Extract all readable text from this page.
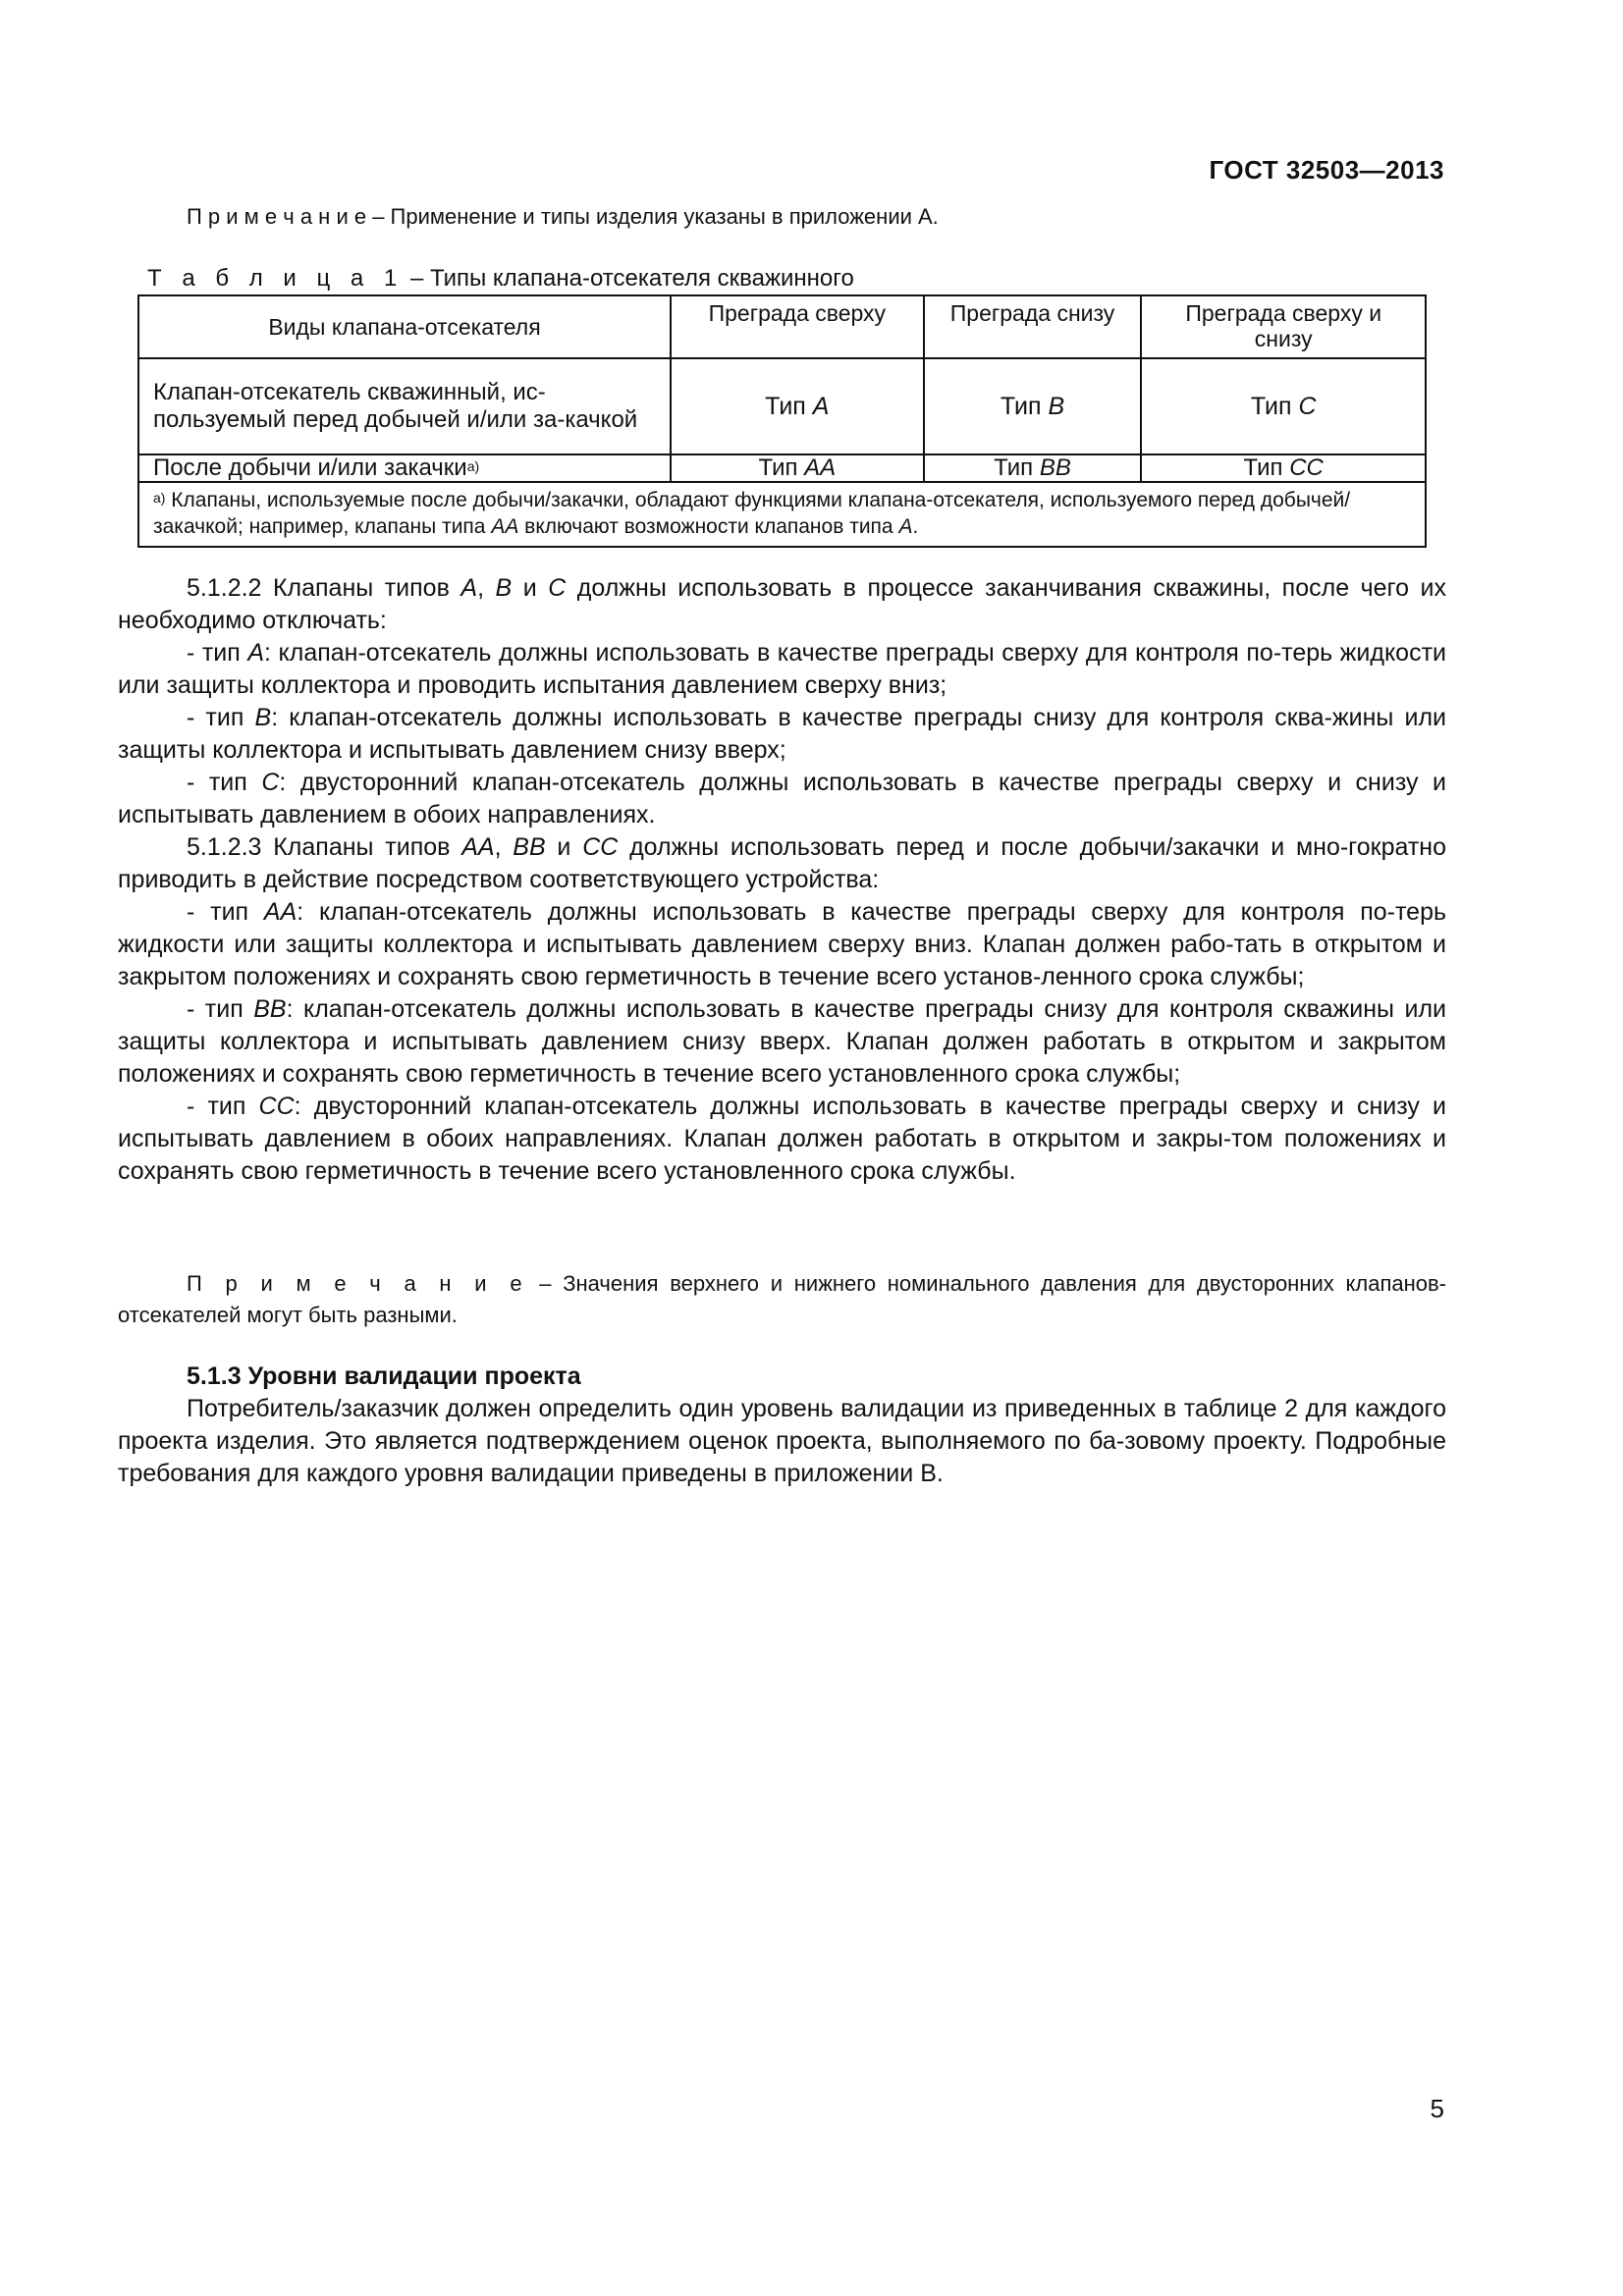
ГОСТ 32503—2013
П р и м е ч а н и е – Применение и типы изделия указаны в приложении А.
Т а б л и ц а 1 – Типы клапана-отсекателя скважинного
Виды клапана-отсекателя	Преграда сверху	Преграда снизу	Преграда сверху и снизу
Клапан-отсекатель скважинный, ис-пользуемый перед добычей и/или за-качкой	Тип A	Тип B	Тип C
После добычи и/или закачки$^{а)}$	Тип AA	Тип BB	Тип CC
$^{а)}$ Клапаны, используемые после добычи/закачки, обладают функциями клапана-отсекателя, используемого перед добычей/закачкой; например, клапаны типа AA включают возможности клапанов типа A.			

5.1.2.2 Клапаны типов A, B и C должны использовать в процессе заканчивания скважины, после чего их необходимо отключать:

- тип A: клапан-отсекатель должны использовать в качестве преграды сверху для контроля по-терь жидкости или защиты коллектора и проводить испытания давлением сверху вниз;

- тип B: клапан-отсекатель должны использовать в качестве преграды снизу для контроля сква-жины или защиты коллектора и испытывать давлением снизу вверх;

- тип C: двусторонний клапан-отсекатель должны использовать в качестве преграды сверху и снизу и испытывать давлением в обоих направлениях.

5.1.2.3 Клапаны типов AA, BB и CC должны использовать перед и после добычи/закачки и мно-гократно приводить в действие посредством соответствующего устройства:

- тип AA: клапан-отсекатель должны использовать в качестве преграды сверху для контроля по-терь жидкости или защиты коллектора и испытывать давлением сверху вниз. Клапан должен рабо-тать в открытом и закрытом положениях и сохранять свою герметичность в течение всего установ-ленного срока службы;

- тип BB: клапан-отсекатель должны использовать в качестве преграды снизу для контроля скважины или защиты коллектора и испытывать давлением снизу вверх. Клапан должен работать в открытом и закрытом положениях и сохранять свою герметичность в течение всего установленного срока службы;

- тип CC: двусторонний клапан-отсекатель должны использовать в качестве преграды сверху и снизу и испытывать давлением в обоих направлениях. Клапан должен работать в открытом и закры-том положениях и сохранять свою герметичность в течение всего установленного срока службы.

П р и м е ч а н и е – Значения верхнего и нижнего номинального давления для двусторонних клапанов-отсекателей могут быть разными.

5.1.3 Уровни валидации проекта

Потребитель/заказчик должен определить один уровень валидации из приведенных в таблице 2 для каждого проекта изделия. Это является подтверждением оценок проекта, выполняемого по ба-зовому проекту. Подробные требования для каждого уровня валидации приведены в приложении В.

5
